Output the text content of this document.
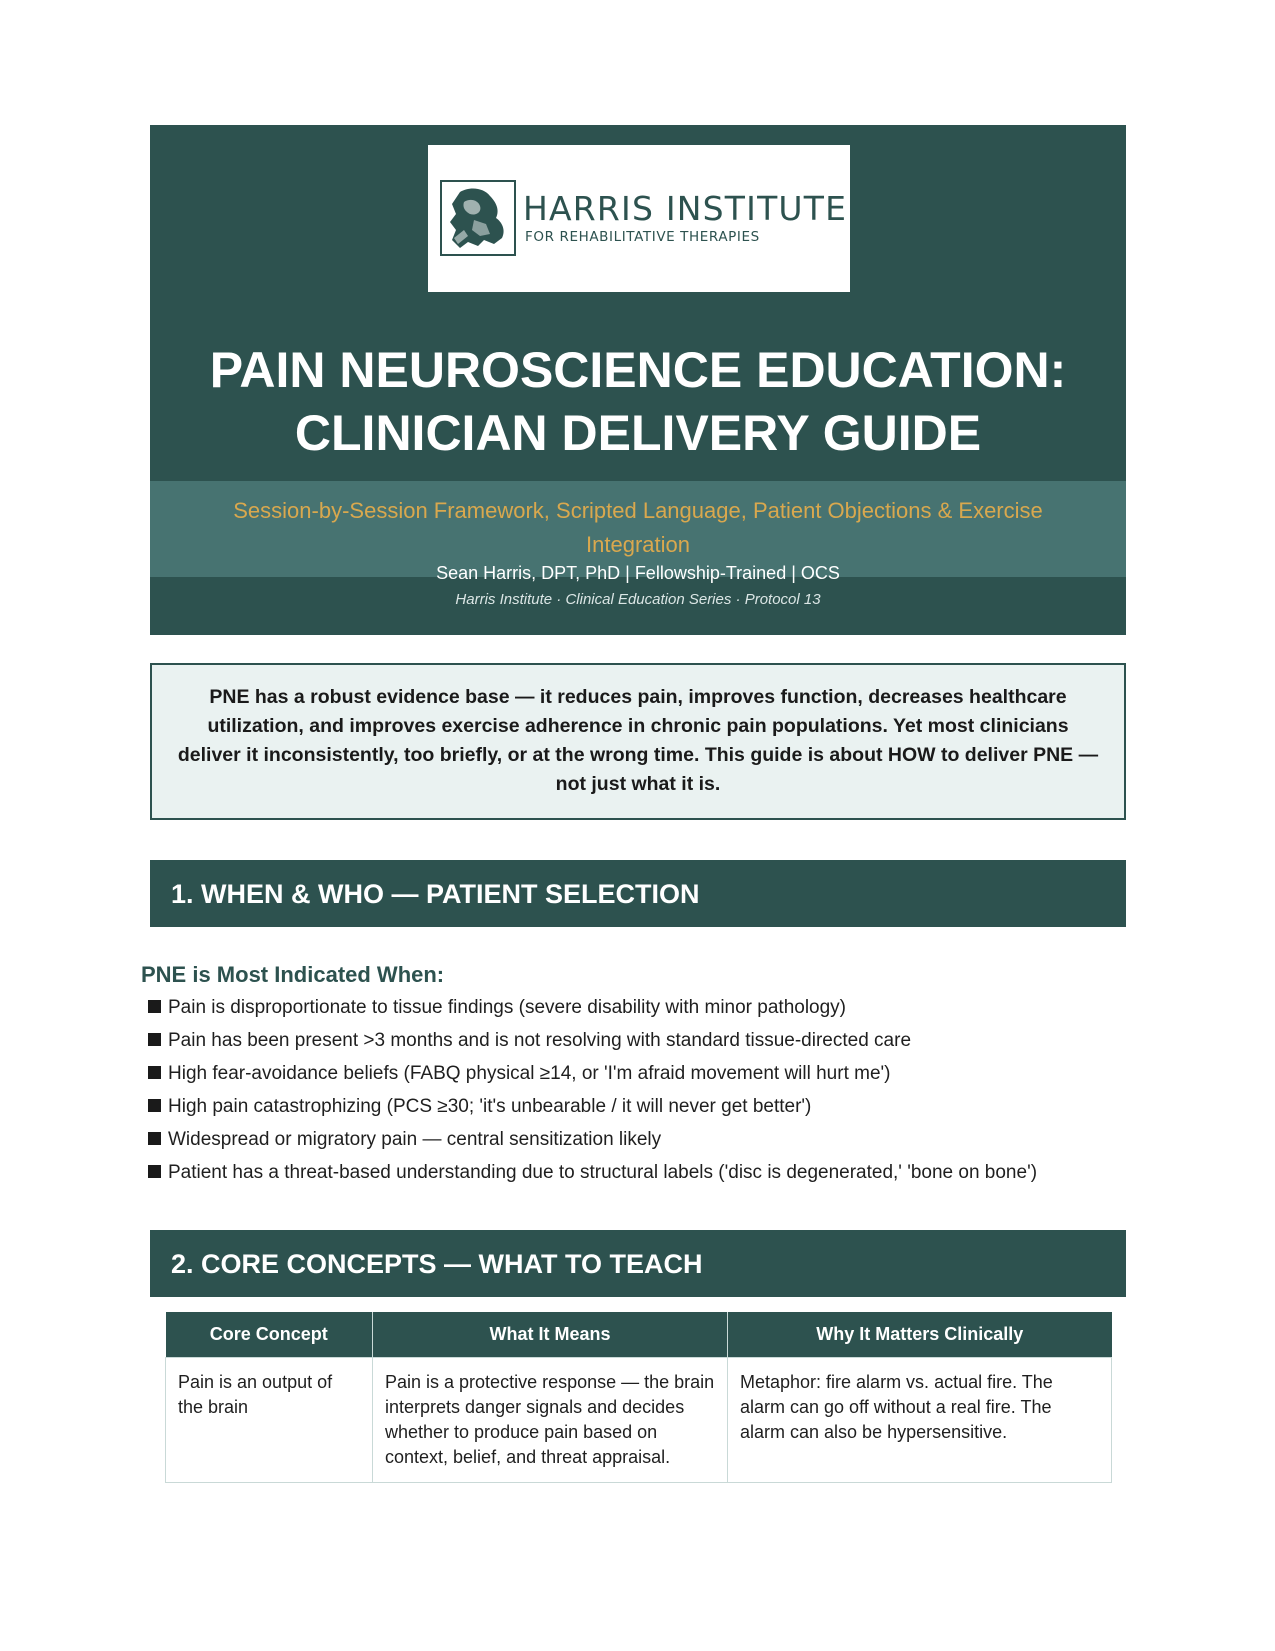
HARRIS INSTITUTE
FOR REHABILITATIVE THERAPIES
PAIN NEUROSCIENCE EDUCATION:
CLINICIAN DELIVERY GUIDE
Session-by-Session Framework, Scripted Language, Patient Objections & Exercise Integration
Sean Harris, DPT, PhD | Fellowship-Trained | OCS
Harris Institute · Clinical Education Series · Protocol 13
PNE has a robust evidence base — it reduces pain, improves function, decreases healthcare utilization, and improves exercise adherence in chronic pain populations. Yet most clinicians deliver it inconsistently, too briefly, or at the wrong time. This guide is about HOW to deliver PNE — not just what it is.
1. WHEN & WHO — PATIENT SELECTION
PNE is Most Indicated When:
Pain is disproportionate to tissue findings (severe disability with minor pathology)
Pain has been present >3 months and is not resolving with standard tissue-directed care
High fear-avoidance beliefs (FABQ physical ≥14, or 'I'm afraid movement will hurt me')
High pain catastrophizing (PCS ≥30; 'it's unbearable / it will never get better')
Widespread or migratory pain — central sensitization likely
Patient has a threat-based understanding due to structural labels ('disc is degenerated,' 'bone on bone')
2. CORE CONCEPTS — WHAT TO TEACH
Core Concept	What It Means	Why It Matters Clinically
Pain is an output of the brain	Pain is a protective response — the brain interprets danger signals and decides whether to produce pain based on context, belief, and threat appraisal.	Metaphor: fire alarm vs. actual fire. The alarm can go off without a real fire. The alarm can also be hypersensitive.
